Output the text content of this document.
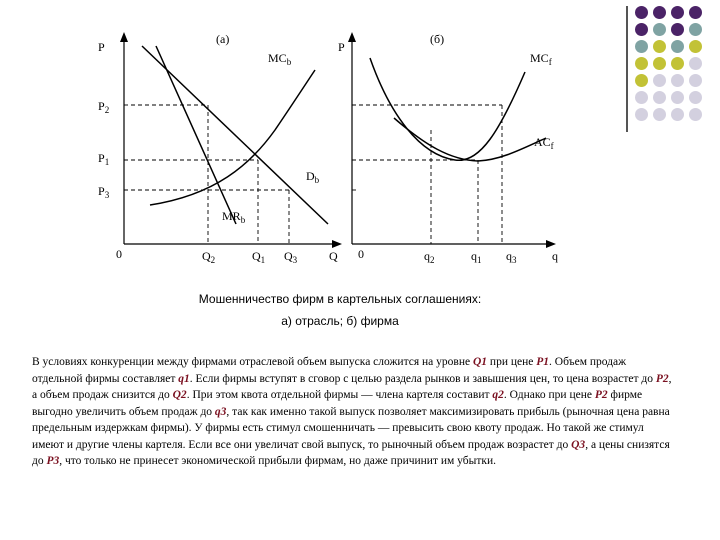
P
(a)
$MC_b$
$D_b$
$MR_b$
$P_2$
$P_1$
$P_3$
0	$Q_2$	$Q_1$ $Q_3$	Q
P
(б)
$MC_f$
$AC_f$
0	$q_2$	$q_1$ $q_3$	q
Мошенничество фирм в картельных соглашениях:
а) отрасль; б) фирма
В условиях конкуренции между фирмами отраслевой объем выпуска сложится на уровне Q1 при цене P1. Объем продаж отдельной фирмы составляет q1. Если фирмы вступят в сговор с целью раздела рынков и завышения цен, то цена возрастет до P2, а объем продаж снизится до Q2. При этом квота отдельной фирмы — члена картеля составит q2. Однако при цене P2 фирме выгодно увеличить объем продаж до q3, так как именно такой выпуск позволяет максимизировать прибыль (рыночная цена равна предельным издержкам фирмы). У фирмы есть стимул смошенничать — превысить свою квоту продаж. Но такой же стимул имеют и другие члены картеля. Если все они увеличат свой выпуск, то рыночный объем продаж возрастет до Q3, а цены снизятся до P3, что только не принесет экономической прибыли фирмам, но даже причинит им убытки.
